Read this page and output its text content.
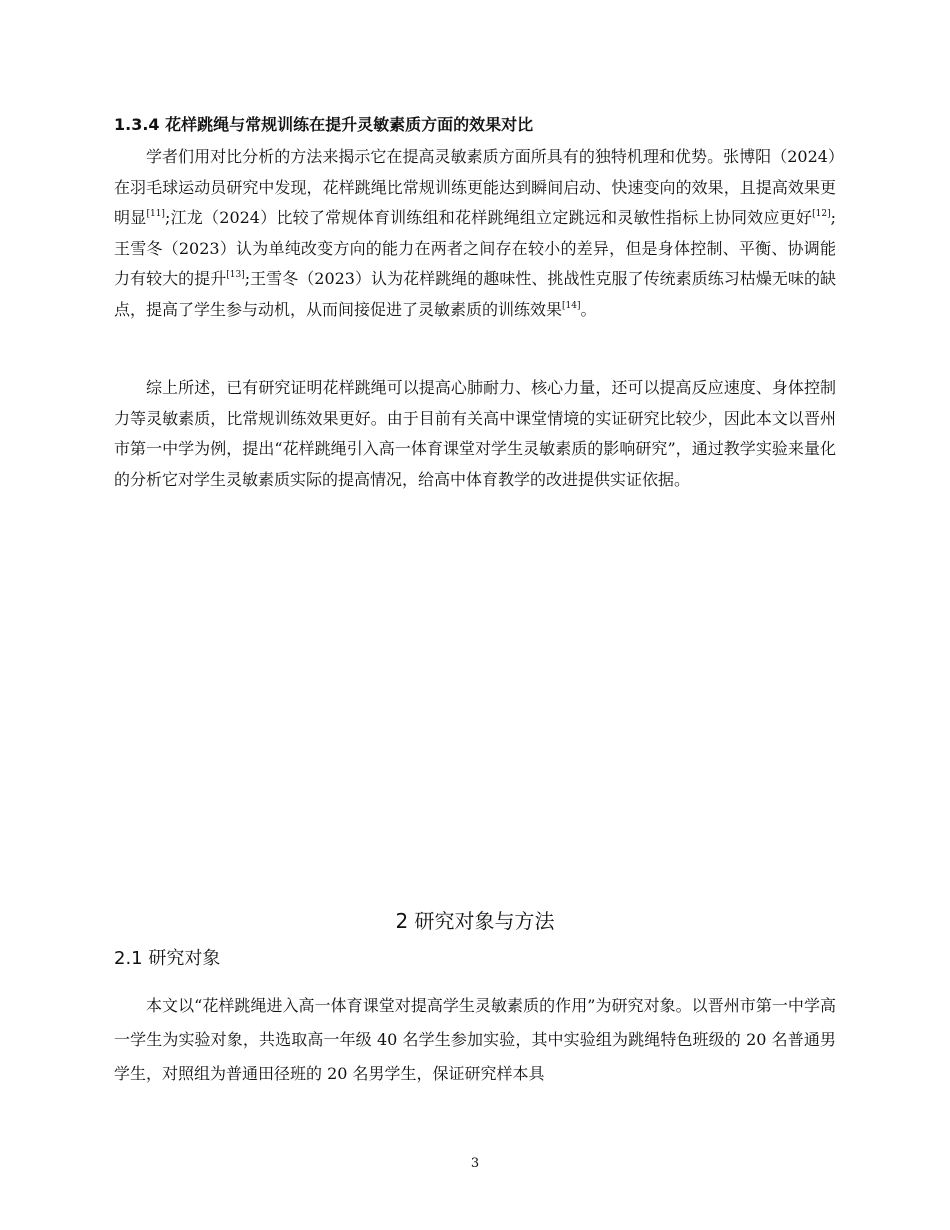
1.3.4 花样跳绳与常规训练在提升灵敏素质方面的效果对比

学者们用对比分析的方法来揭示它在提高灵敏素质方面所具有的独特机理和优势。张博阳（2024）在羽毛球运动员研究中发现，花样跳绳比常规训练更能达到瞬间启动、快速变向的效果，且提高效果更明显[11];江龙（2024）比较了常规体育训练组和花样跳绳组立定跳远和灵敏性指标上协同效应更好[12];王雪冬（2023）认为单纯改变方向的能力在两者之间存在较小的差异，但是身体控制、平衡、协调能力有较大的提升[13];王雪冬（2023）认为花样跳绳的趣味性、挑战性克服了传统素质练习枯燥无味的缺点，提高了学生参与动机，从而间接促进了灵敏素质的训练效果[14]。

综上所述，已有研究证明花样跳绳可以提高心肺耐力、核心力量，还可以提高反应速度、身体控制力等灵敏素质，比常规训练效果更好。由于目前有关高中课堂情境的实证研究比较少，因此本文以晋州市第一中学为例，提出“花样跳绳引入高一体育课堂对学生灵敏素质的影响研究”，通过教学实验来量化的分析它对学生灵敏素质实际的提高情况，给高中体育教学的改进提供实证依据。

2 研究对象与方法
2.1 研究对象

本文以“花样跳绳进入高一体育课堂对提高学生灵敏素质的作用”为研究对象。以晋州市第一中学高一学生为实验对象，共选取高一年级 40 名学生参加实验，其中实验组为跳绳特色班级的 20 名普通男学生，对照组为普通田径班的 20 名男学生，保证研究样本具

3
